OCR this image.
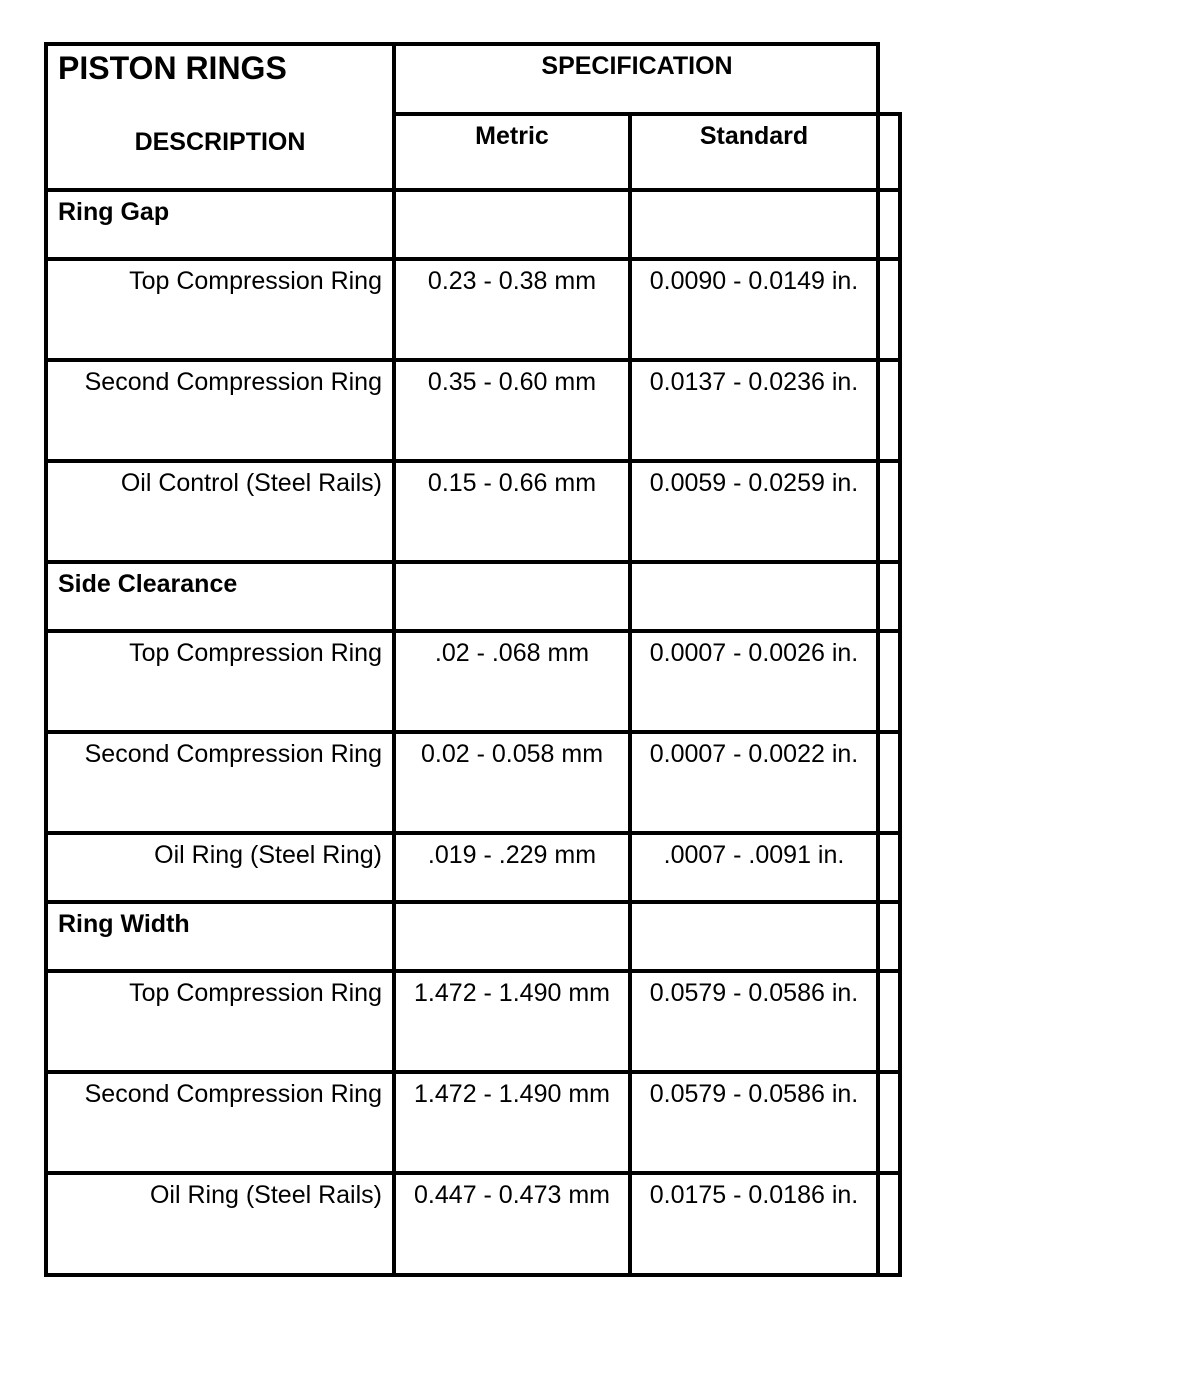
PISTON RINGS	SPECIFICATION
DESCRIPTION	Metric	Standard
Ring Gap
Top Compression Ring	0.23 - 0.38 mm	0.0090 - 0.0149 in.
Second Compression Ring	0.35 - 0.60 mm	0.0137 - 0.0236 in.
Oil Control (Steel Rails)	0.15 - 0.66 mm	0.0059 - 0.0259 in.
Side Clearance
Top Compression Ring	.02 - .068 mm	0.0007 - 0.0026 in.
Second Compression Ring	0.02 - 0.058 mm	0.0007 - 0.0022 in.
Oil Ring (Steel Ring)	.019 - .229 mm	.0007 - .0091 in.
Ring Width
Top Compression Ring	1.472 - 1.490 mm	0.0579 - 0.0586 in.
Second Compression Ring	1.472 - 1.490 mm	0.0579 - 0.0586 in.
Oil Ring (Steel Rails)	0.447 - 0.473 mm	0.0175 - 0.0186 in.
